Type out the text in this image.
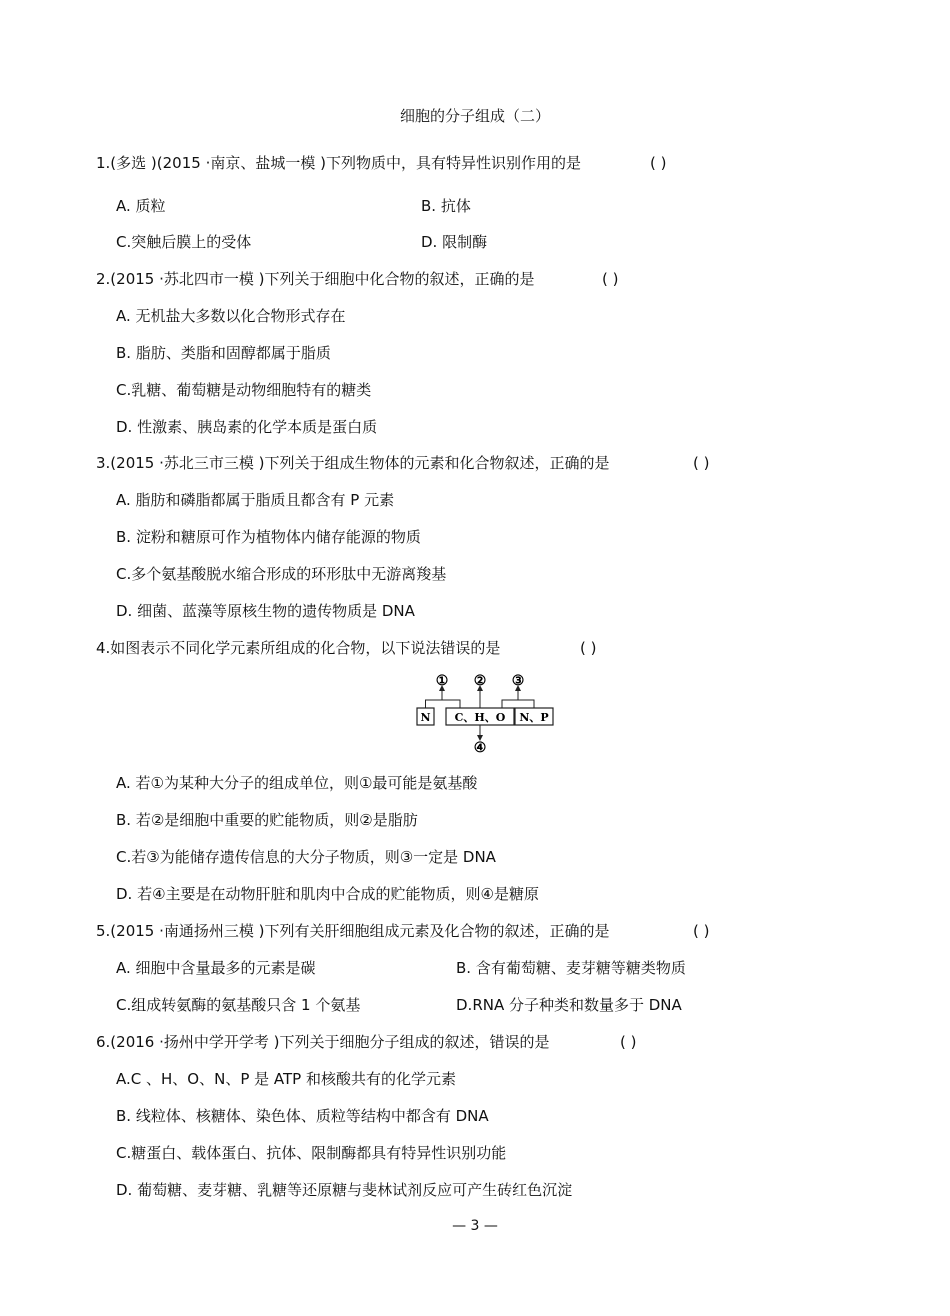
细胞的分子组成（二）
1.(多选 )(2015 ·南京、盐城一模 )下列物质中，具有特异性识别作用的是	( )
A. 质粒	B. 抗体
C.突触后膜上的受体	D. 限制酶
2.(2015 ·苏北四市一模 )下列关于细胞中化合物的叙述，正确的是	( )
A. 无机盐大多数以化合物形式存在
B. 脂肪、类脂和固醇都属于脂质
C.乳糖、葡萄糖是动物细胞特有的糖类
D. 性激素、胰岛素的化学本质是蛋白质
3.(2015 ·苏北三市三模 )下列关于组成生物体的元素和化合物叙述，正确的是	( )
A. 脂肪和磷脂都属于脂质且都含有 P 元素
B. 淀粉和糖原可作为植物体内储存能源的物质
C.多个氨基酸脱水缩合形成的环形肽中无游离羧基
D. 细菌、蓝藻等原核生物的遗传物质是 DNA
4.如图表示不同化学元素所组成的化合物，以下说法错误的是	( )
N C、H、O N、P
① ② ③
④
A. 若①为某种大分子的组成单位，则①最可能是氨基酸
B. 若②是细胞中重要的贮能物质，则②是脂肪
C.若③为能储存遗传信息的大分子物质，则③一定是 DNA
D. 若④主要是在动物肝脏和肌肉中合成的贮能物质，则④是糖原
5.(2015 ·南通扬州三模 )下列有关肝细胞组成元素及化合物的叙述，正确的是	( )
A. 细胞中含量最多的元素是碳	B. 含有葡萄糖、麦芽糖等糖类物质
C.组成转氨酶的氨基酸只含 1 个氨基	D.RNA 分子种类和数量多于 DNA
6.(2016 ·扬州中学开学考 )下列关于细胞分子组成的叙述，错误的是	( )
A.C 、H、O、N、P 是 ATP 和核酸共有的化学元素
B. 线粒体、核糖体、染色体、质粒等结构中都含有 DNA
C.糖蛋白、载体蛋白、抗体、限制酶都具有特异性识别功能
D. 葡萄糖、麦芽糖、乳糖等还原糖与斐林试剂反应可产生砖红色沉淀
— 3 —
